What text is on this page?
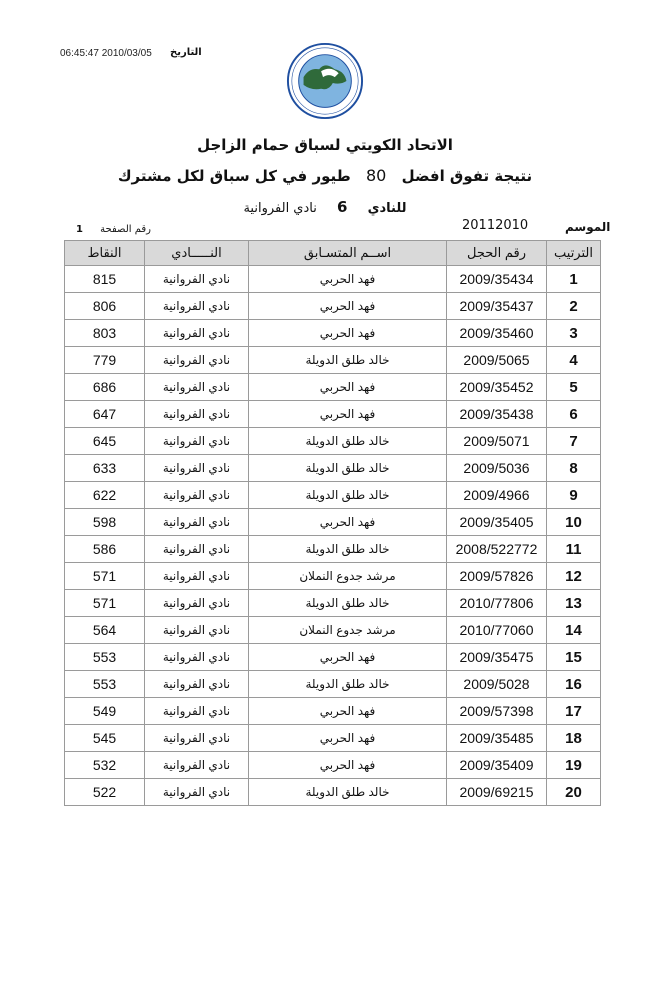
06:45:47 2010/03/05	التاريخ
الاتحاد الكويتي لسباق حمام الزاجل
نتيجة تفوق افضل 80 طيور في كل سباق لكل مشترك
للنادي 6 نادي الفروانية
الموسم
20112010
رقم الصفحة 1
النقاط	النـــــادي	اســم المتسـابق	رقم الحجل	الترتيب
815	نادي الفروانية	فهد الحربي	2009/35434	1
806	نادي الفروانية	فهد الحربي	2009/35437	2
803	نادي الفروانية	فهد الحربي	2009/35460	3
779	نادي الفروانية	خالد طلق الدويلة	2009/5065	4
686	نادي الفروانية	فهد الحربي	2009/35452	5
647	نادي الفروانية	فهد الحربي	2009/35438	6
645	نادي الفروانية	خالد طلق الدويلة	2009/5071	7
633	نادي الفروانية	خالد طلق الدويلة	2009/5036	8
622	نادي الفروانية	خالد طلق الدويلة	2009/4966	9
598	نادي الفروانية	فهد الحربي	2009/35405	10
586	نادي الفروانية	خالد طلق الدويلة	2008/522772	11
571	نادي الفروانية	مرشد جدوع النملان	2009/57826	12
571	نادي الفروانية	خالد طلق الدويلة	2010/77806	13
564	نادي الفروانية	مرشد جدوع النملان	2010/77060	14
553	نادي الفروانية	فهد الحربي	2009/35475	15
553	نادي الفروانية	خالد طلق الدويلة	2009/5028	16
549	نادي الفروانية	فهد الحربي	2009/57398	17
545	نادي الفروانية	فهد الحربي	2009/35485	18
532	نادي الفروانية	فهد الحربي	2009/35409	19
522	نادي الفروانية	خالد طلق الدويلة	2009/69215	20
